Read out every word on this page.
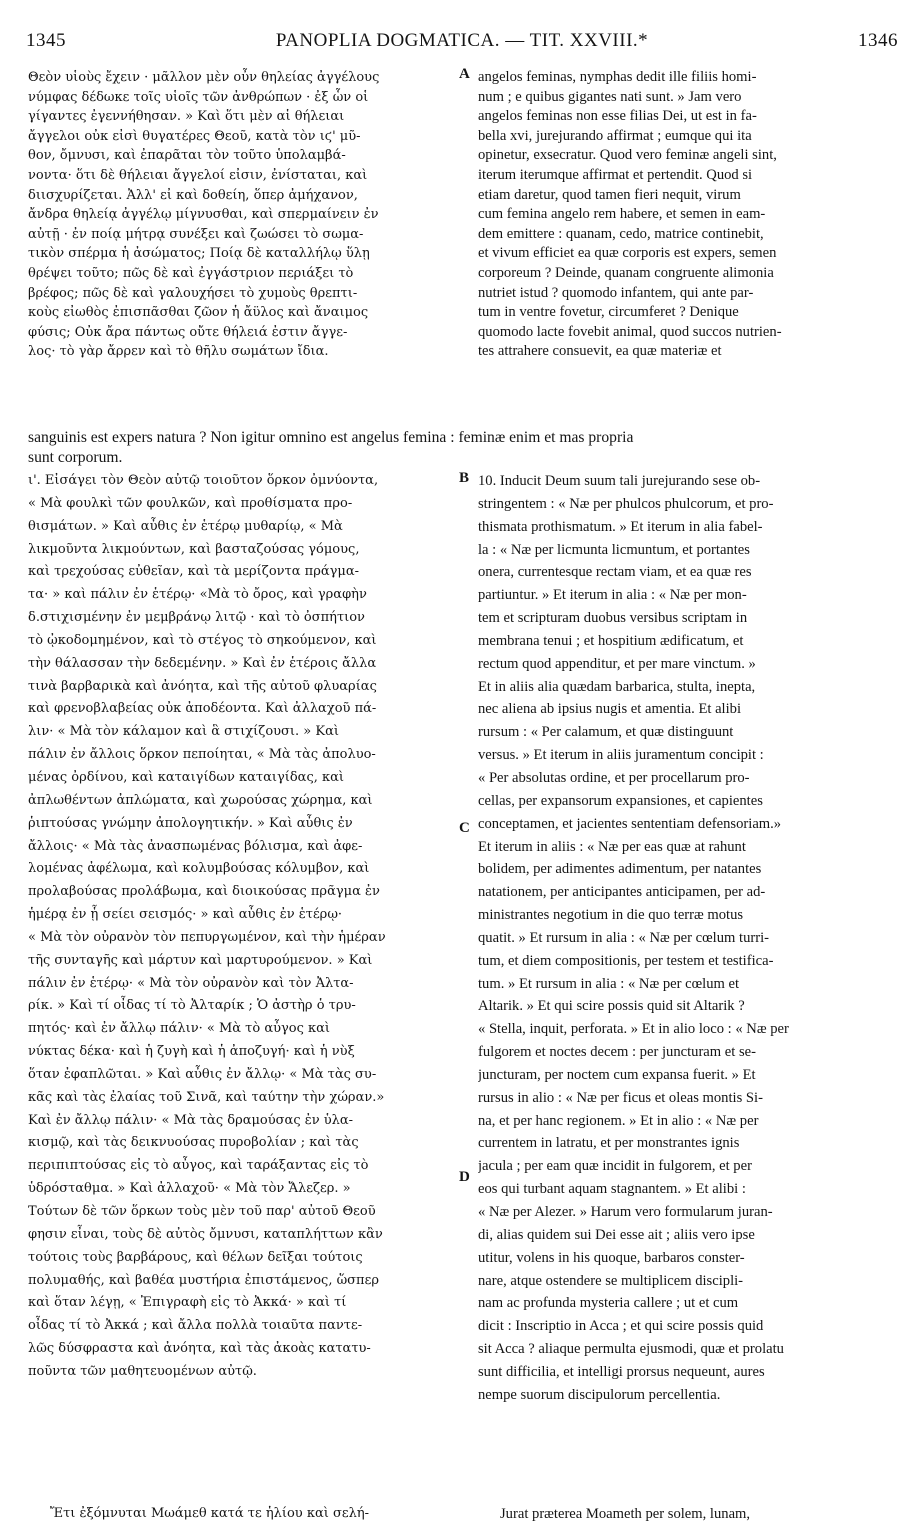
1345	PANOPLIA DOGMATICA. — TIT. XXVIII.*	1346
Θεὸν υἱοὺς ἔχειν · μᾶλλον μὲν οὖν θηλείας ἀγγέλους
νύμφας δέδωκε τοῖς υἱοῖς τῶν ἀνθρώπων · ἐξ ὧν οἱ
γίγαντες ἐγεννήθησαν. » Καὶ ὅτι μὲν αἱ θήλειαι
ἄγγελοι οὐκ εἰσὶ θυγατέρες Θεοῦ, κατὰ τὸν ιϛ' μῦ-
θον, ὄμνυσι, καὶ ἐπαρᾶται τὸν τοῦτο ὑπολαμβά-
νοντα· ὅτι δὲ θήλειαι ἄγγελοί εἰσιν, ἐνίσταται, καὶ
διισχυρίζεται. Ἀλλ' εἰ καὶ δοθείη, ὅπερ ἀμήχανον,
ἄνδρα θηλείᾳ ἀγγέλῳ μίγνυσθαι, καὶ σπερμαίνειν ἐν
αὐτῇ · ἐν ποίᾳ μήτρᾳ συνέξει καὶ ζωώσει τὸ σωμα-
τικὸν σπέρμα ἡ ἀσώματος; Ποίᾳ δὲ καταλλήλῳ ὕλῃ
θρέψει τοῦτο; πῶς δὲ καὶ ἐγγάστριον περιάξει τὸ
βρέφος; πῶς δὲ καὶ γαλουχήσει τὸ χυμοὺς θρεπτι-
κοὺς εἰωθὸς ἐπισπᾶσθαι ζῶον ἡ ἄϋλος καὶ ἄναιμος
φύσις; Οὐκ ἄρα πάντως οὔτε θήλειά ἐστιν ἄγγε-
λος· τὸ γὰρ ἄρρεν καὶ τὸ θῆλυ σωμάτων ἴδια.
angelos feminas, nymphas dedit ille filiis homi-
num ; e quibus gigantes nati sunt. » Jam vero
angelos feminas non esse filias Dei, ut est in fa-
bella xvi, jurejurando affirmat ; eumque qui ita
opinetur, exsecratur. Quod vero feminæ angeli sint,
iterum iterumque affirmat et pertendit. Quod si
etiam daretur, quod tamen fieri nequit, virum
cum femina angelo rem habere, et semen in eam-
dem emittere : quanam, cedo, matrice continebit,
et vivum efficiet ea quæ corporis est expers, semen
corporeum ? Deinde, quanam congruente alimonia
nutriet istud ? quomodo infantem, qui ante par-
tum in ventre fovetur, circumferet ? Denique
quomodo lacte fovebit animal, quod succos nutrien-
tes attrahere consuevit, ea quæ materiæ et
sanguinis est expers natura ? Non igitur omnino est angelus femina : feminæ enim et mas propria
sunt corporum.
ι'. Εἰσάγει τὸν Θεὸν αὐτῷ τοιοῦτον ὅρκον ὀμνύοντα,
« Μὰ φουλκὶ τῶν φουλκῶν, καὶ προθίσματα προ-
θισμάτων. » Καὶ αὖθις ἐν ἑτέρῳ μυθαρίῳ, « Μὰ
λικμοῦντα λικμούντων, καὶ βασταζούσας γόμους,
καὶ τρεχούσας εὐθεῖαν, καὶ τὰ μερίζοντα πράγμα-
τα· » καὶ πάλιν ἐν ἑτέρῳ· «Μὰ τὸ ὄρος, καὶ γραφὴν
δ.στιχισμένην ἐν μεμβράνῳ λιτῷ · καὶ τὸ ὀσπήτιον
τὸ ᾠκοδομημένον, καὶ τὸ στέγος τὸ σηκούμενον, καὶ
τὴν θάλασσαν τὴν δεδεμένην. » Καὶ ἐν ἑτέροις ἄλλα
τινὰ βαρβαρικὰ καὶ ἀνόητα, καὶ τῆς αὐτοῦ φλυαρίας
καὶ φρενοβλαβείας οὐκ ἀποδέοντα. Καὶ ἀλλαχοῦ πά-
λιν· « Μὰ τὸν κάλαμον καὶ ἃ στιχίζουσι. » Καὶ
πάλιν ἐν ἄλλοις ὅρκον πεποίηται, « Μὰ τὰς ἀπολυο-
μένας ὀρδίνου, καὶ καταιγίδων καταιγίδας, καὶ
ἀπλωθέντων ἀπλώματα, καὶ χωρούσας χώρημα, καὶ
ῥιπτούσας γνώμην ἀπολογητικήν. » Καὶ αὖθις ἐν
ἄλλοις· « Μὰ τὰς ἀνασπωμένας βόλισμα, καὶ ἀφε-
λομένας ἀφέλωμα, καὶ κολυμβούσας κόλυμβον, καὶ
προλαβούσας προλάβωμα, καὶ διοικούσας πρᾶγμα ἐν
ἡμέρᾳ ἐν ᾗ σείει σεισμός· » καὶ αὖθις ἐν ἑτέρῳ·
« Μὰ τὸν οὐρανὸν τὸν πεπυργωμένον, καὶ τὴν ἡμέραν
τῆς συνταγῆς καὶ μάρτυν καὶ μαρτυρούμενον. » Καὶ
πάλιν ἐν ἑτέρῳ· « Μὰ τὸν οὐρανὸν καὶ τὸν Ἀλτα-
ρίκ. » Καὶ τί οἶδας τί τὸ Ἀλταρίκ ; Ὁ ἀστὴρ ὁ τρυ-
πητός· καὶ ἐν ἄλλῳ πάλιν· « Μὰ τὸ αὖγος καὶ
νύκτας δέκα· καὶ ἡ ζυγὴ καὶ ἡ ἀποζυγή· καὶ ἡ νὺξ
ὅταν ἐφαπλῶται. » Καὶ αὖθις ἐν ἄλλῳ· « Μὰ τὰς συ-
κᾶς καὶ τὰς ἐλαίας τοῦ Σινᾶ, καὶ ταύτην τὴν χώραν.»
Καὶ ἐν ἄλλῳ πάλιν· « Μὰ τὰς δραμούσας ἐν ὑλα-
κισμῷ, καὶ τὰς δεικνυούσας πυροβολίαν ; καὶ τὰς
περιπιπτούσας εἰς τὸ αὖγος, καὶ ταράξαντας εἰς τὸ
ὑδρόσταθμα. » Καὶ ἀλλαχοῦ· « Μὰ τὸν Ἄλεζερ. »
Τούτων δὲ τῶν ὅρκων τοὺς μὲν τοῦ παρ' αὐτοῦ Θεοῦ
φησιν εἶναι, τοὺς δὲ αὐτὸς ὄμνυσι, καταπλήττων κἂν
τούτοις τοὺς βαρβάρους, καὶ θέλων δεῖξαι τούτοις
πολυμαθής, καὶ βαθέα μυστήρια ἐπιστάμενος, ὥσπερ
καὶ ὅταν λέγῃ, « Ἐπιγραφὴ εἰς τὸ Ἀκκά· » καὶ τί
οἶδας τί τὸ Ἀκκά ; καὶ ἄλλα πολλὰ τοιαῦτα παντε-
λῶς δύσφραστα καὶ ἀνόητα, καὶ τὰς ἀκοὰς κατατυ-
ποῦντα τῶν μαθητευομένων αὐτῷ.
10. Inducit Deum suum tali jurejurando sese ob-
stringentem : « Næ per phulcos phulcorum, et pro-
thismata prothismatum. » Et iterum in alia fabel-
la : « Næ per licmunta licmuntum, et portantes
onera, currentesque rectam viam, et ea quæ res
partiuntur. » Et iterum in alia : « Næ per mon-
tem et scripturam duobus versibus scriptam in
membrana tenui ; et hospitium ædificatum, et
rectum quod appenditur, et per mare vinctum. »
Et in aliis alia quædam barbarica, stulta, inepta,
nec aliena ab ipsius nugis et amentia. Et alibi
rursum : « Per calamum, et quæ distinguunt
versus. » Et iterum in aliis juramentum concipit :
« Per absolutas ordine, et per procellarum pro-
cellas, per expansorum expansiones, et capientes
conceptamen, et jacientes sententiam defensoriam.»
Et iterum in aliis : « Næ per eas quæ at rahunt
bolidem, per adimentes adimentum, per natantes
natationem, per anticipantes anticipamen, per ad-
ministrantes negotium in die quo terræ motus
quatit. » Et rursum in alia : « Næ per cœlum turri-
tum, et diem compositionis, per testem et testifica-
tum. » Et rursum in alia : « Næ per cœlum et
Altarik. » Et qui scire possis quid sit Altarik ?
« Stella, inquit, perforata. » Et in alio loco : « Næ per
fulgorem et noctes decem : per juncturam et se-
juncturam, per noctem cum expansa fuerit. » Et
rursus in alio : « Næ per ficus et oleas montis Si-
na, et per hanc regionem. » Et in alio : « Næ per
currentem in latratu, et per monstrantes ignis
jacula ; per eam quæ incidit in fulgorem, et per
eos qui turbant aquam stagnantem. » Et alibi :
« Næ per Alezer. » Harum vero formularum juran-
di, alias quidem sui Dei esse ait ; aliis vero ipse
utitur, volens in his quoque, barbaros conster-
nare, atque ostendere se multiplicem discipli-
nam ac profunda mysteria callere ; ut et cum
dicit : Inscriptio in Acca ; et qui scire possis quid
sit Acca ? aliaque permulta ejusmodi, quæ et prolatu
sunt difficilia, et intelligi prorsus nequeunt, aures
nempe suorum discipulorum percellentia.
Ἔτι ἐξόμνυται Μωάμεθ κατά τε ἡλίου καὶ σελή-	Jurat præterea Moameth per solem, lunam,
A
B
C
D
